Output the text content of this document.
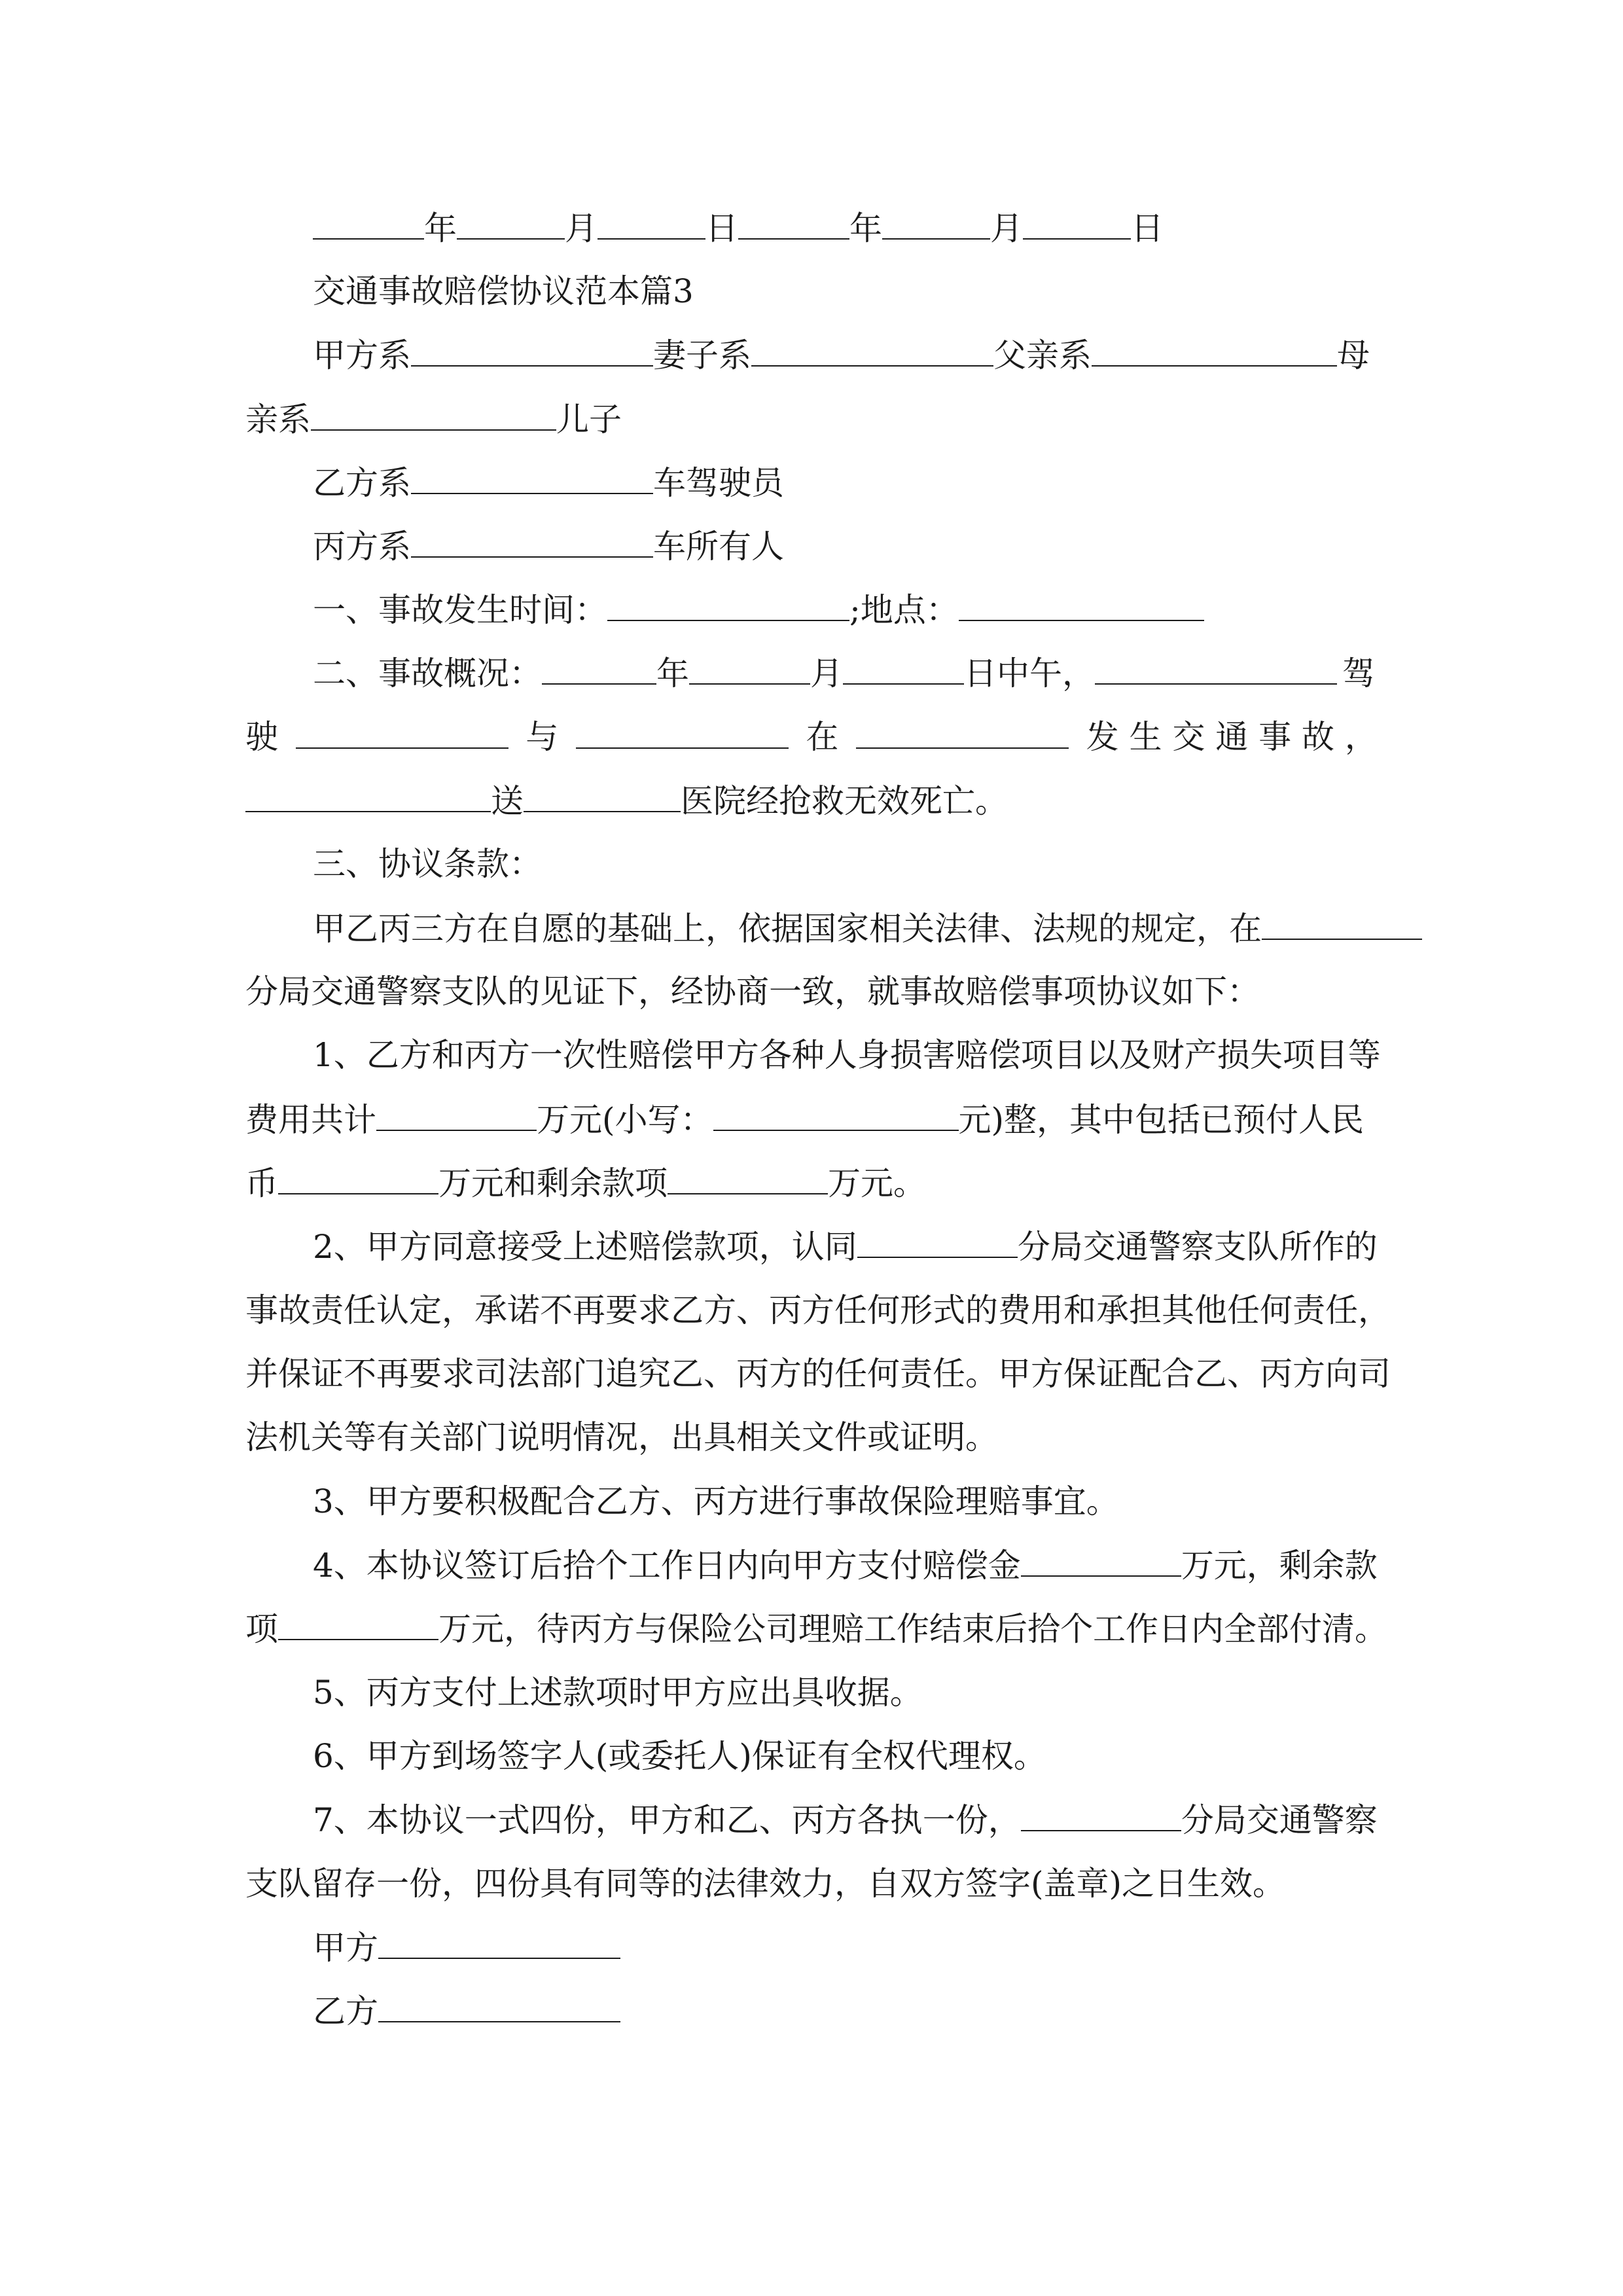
年	月	日	年	月	日
交通事故赔偿协议范本篇3
甲方系	妻子系	父亲系	母
亲系	儿子
乙方系	车驾驶员
丙方系	车所有人
一、事故发生时间：	;地点：
二、事故概况：	年	月	日中午，	驾
驶	与	在	发 生 交 通 事 故 ，
送	医院经抢救无效死亡。
三、协议条款：
甲乙丙三方在自愿的基础上，依据国家相关法律、法规的规定，在
分局交通警察支队的见证下，经协商一致，就事故赔偿事项协议如下：
1、乙方和丙方一次性赔偿甲方各种人身损害赔偿项目以及财产损失项目等
费用共计	万元(小写：	元)整，其中包括已预付人民
币	万元和剩余款项	万元。
2、甲方同意接受上述赔偿款项，认同	分局交通警察支队所作的
事故责任认定，承诺不再要求乙方、丙方任何形式的费用和承担其他任何责任，
并保证不再要求司法部门追究乙、丙方的任何责任。甲方保证配合乙、丙方向司
法机关等有关部门说明情况，出具相关文件或证明。
3、甲方要积极配合乙方、丙方进行事故保险理赔事宜。
4、本协议签订后拾个工作日内向甲方支付赔偿金	万元，剩余款
项	万元，待丙方与保险公司理赔工作结束后拾个工作日内全部付清。
5、丙方支付上述款项时甲方应出具收据。
6、甲方到场签字人(或委托人)保证有全权代理权。
7、本协议一式四份，甲方和乙、丙方各执一份，	分局交通警察
支队留存一份，四份具有同等的法律效力，自双方签字(盖章)之日生效。
甲方
乙方
